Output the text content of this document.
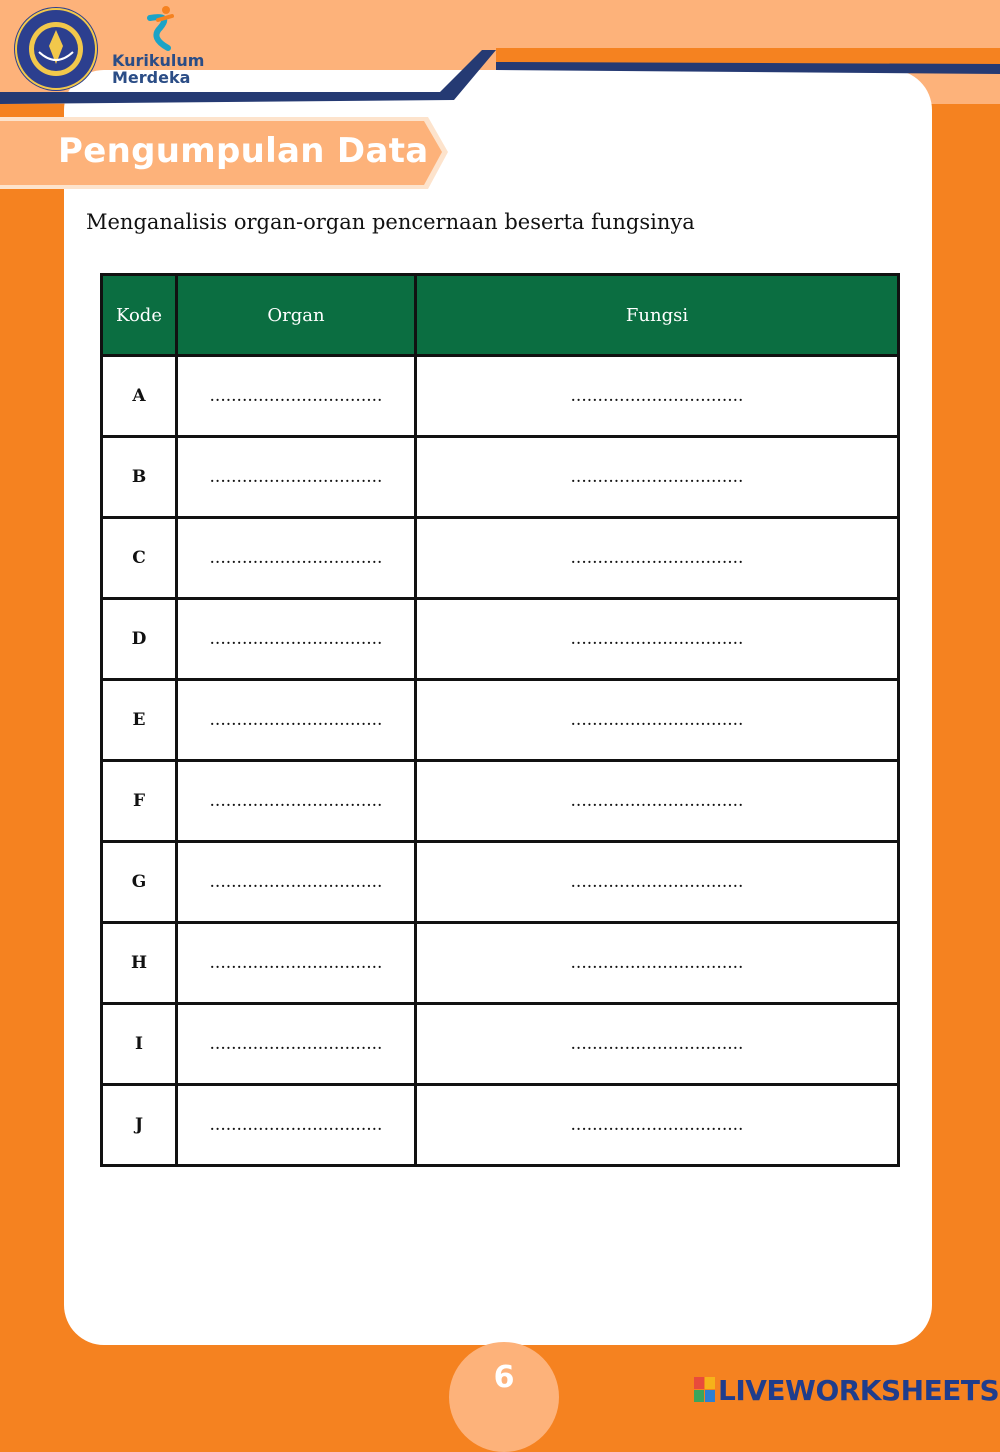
Kurikulum
Merdeka
Pengumpulan Data
Menganalisis organ-organ pencernaan beserta fungsinya
Kode	Organ	Fungsi
A	................................	................................
B	................................	................................
C	................................	................................
D	................................	................................
E	................................	................................
F	................................	................................
G	................................	................................
H	................................	................................
I	................................	................................
J	................................	................................
6	LIVEWORKSHEETS
